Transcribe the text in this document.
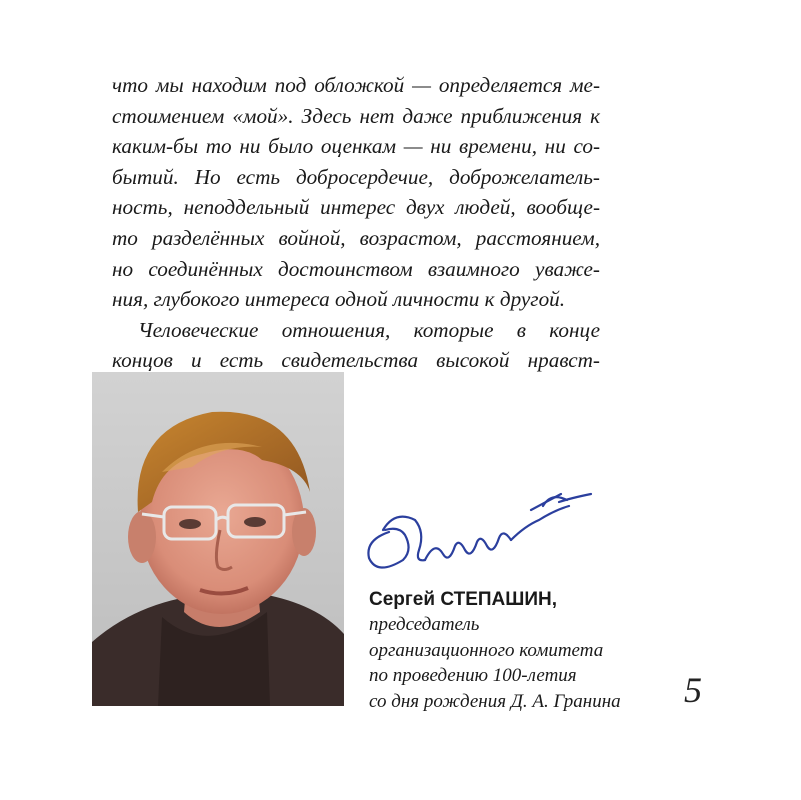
что мы находим под обложкой — определяется ме-
стоимением «мой». Здесь нет даже приближения к
каким-бы то ни было оценкам — ни времени, ни со-
бытий. Но есть добросердечие, доброжелатель-
ность, неподдельный интерес двух людей, вообще-
то разделённых войной, возрастом, расстоянием,
но соединённых достоинством взаимного уваже-
ния, глубокого интереса одной личности к другой.
Человеческие отношения, которые в конце
концов и есть свидетельства высокой нравст-
Сергей СТЕПАШИН,
председатель
организационного комитета
по проведению 100-летия
со дня рождения Д. А. Гранина	5
